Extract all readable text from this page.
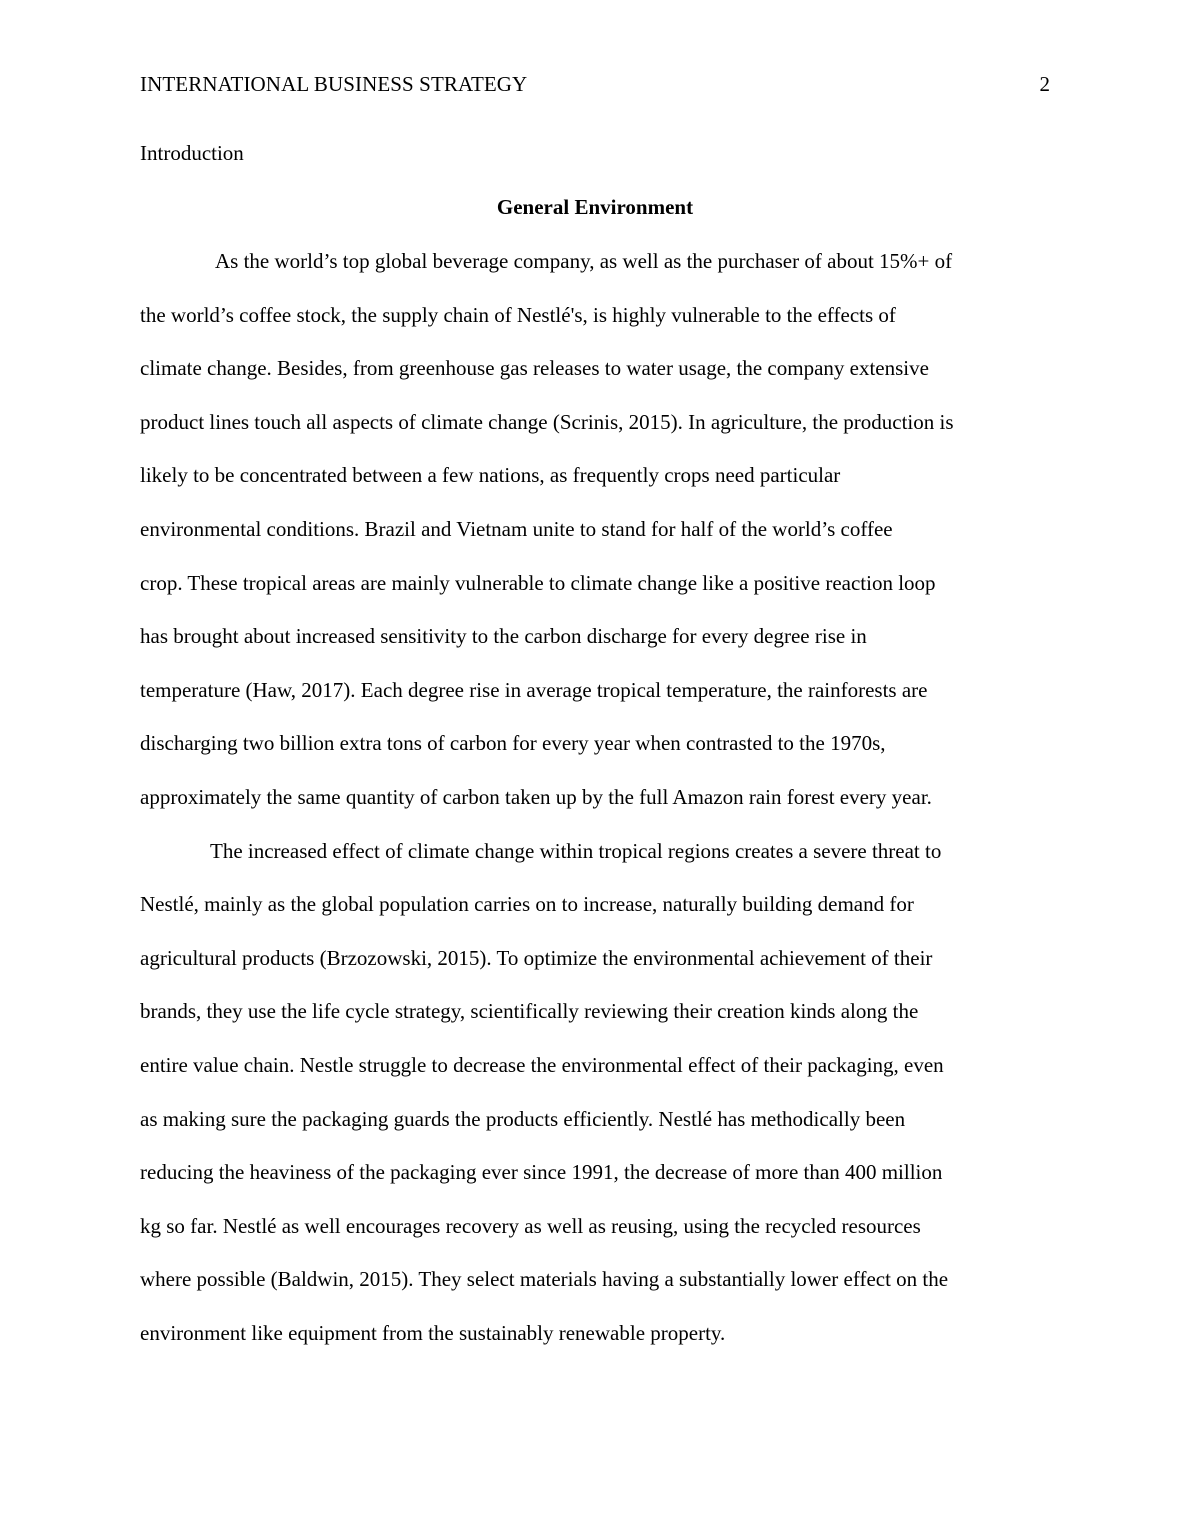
INTERNATIONAL BUSINESS STRATEGY	2
Introduction
General Environment
As the world’s top global beverage company, as well as the purchaser of about 15%+ of
the world’s coffee stock, the supply chain of Nestlé's, is highly vulnerable to the effects of
climate change. Besides, from greenhouse gas releases to water usage, the company extensive
product lines touch all aspects of climate change (Scrinis, 2015). In agriculture, the production is
likely to be concentrated between a few nations, as frequently crops need particular
environmental conditions. Brazil and Vietnam unite to stand for half of the world’s coffee
crop. These tropical areas are mainly vulnerable to climate change like a positive reaction loop
has brought about increased sensitivity to the carbon discharge for every degree rise in
temperature (Haw, 2017). Each degree rise in average tropical temperature, the rainforests are
discharging two billion extra tons of carbon for every year when contrasted to the 1970s,
approximately the same quantity of carbon taken up by the full Amazon rain forest every year.
The increased effect of climate change within tropical regions creates a severe threat to
Nestlé, mainly as the global population carries on to increase, naturally building demand for
agricultural products (Brzozowski, 2015). To optimize the environmental achievement of their
brands, they use the life cycle strategy, scientifically reviewing their creation kinds along the
entire value chain. Nestle struggle to decrease the environmental effect of their packaging, even
as making sure the packaging guards the products efficiently. Nestlé has methodically been
reducing the heaviness of the packaging ever since 1991, the decrease of more than 400 million
kg so far. Nestlé as well encourages recovery as well as reusing, using the recycled resources
where possible (Baldwin, 2015). They select materials having a substantially lower effect on the
environment like equipment from the sustainably renewable property.
